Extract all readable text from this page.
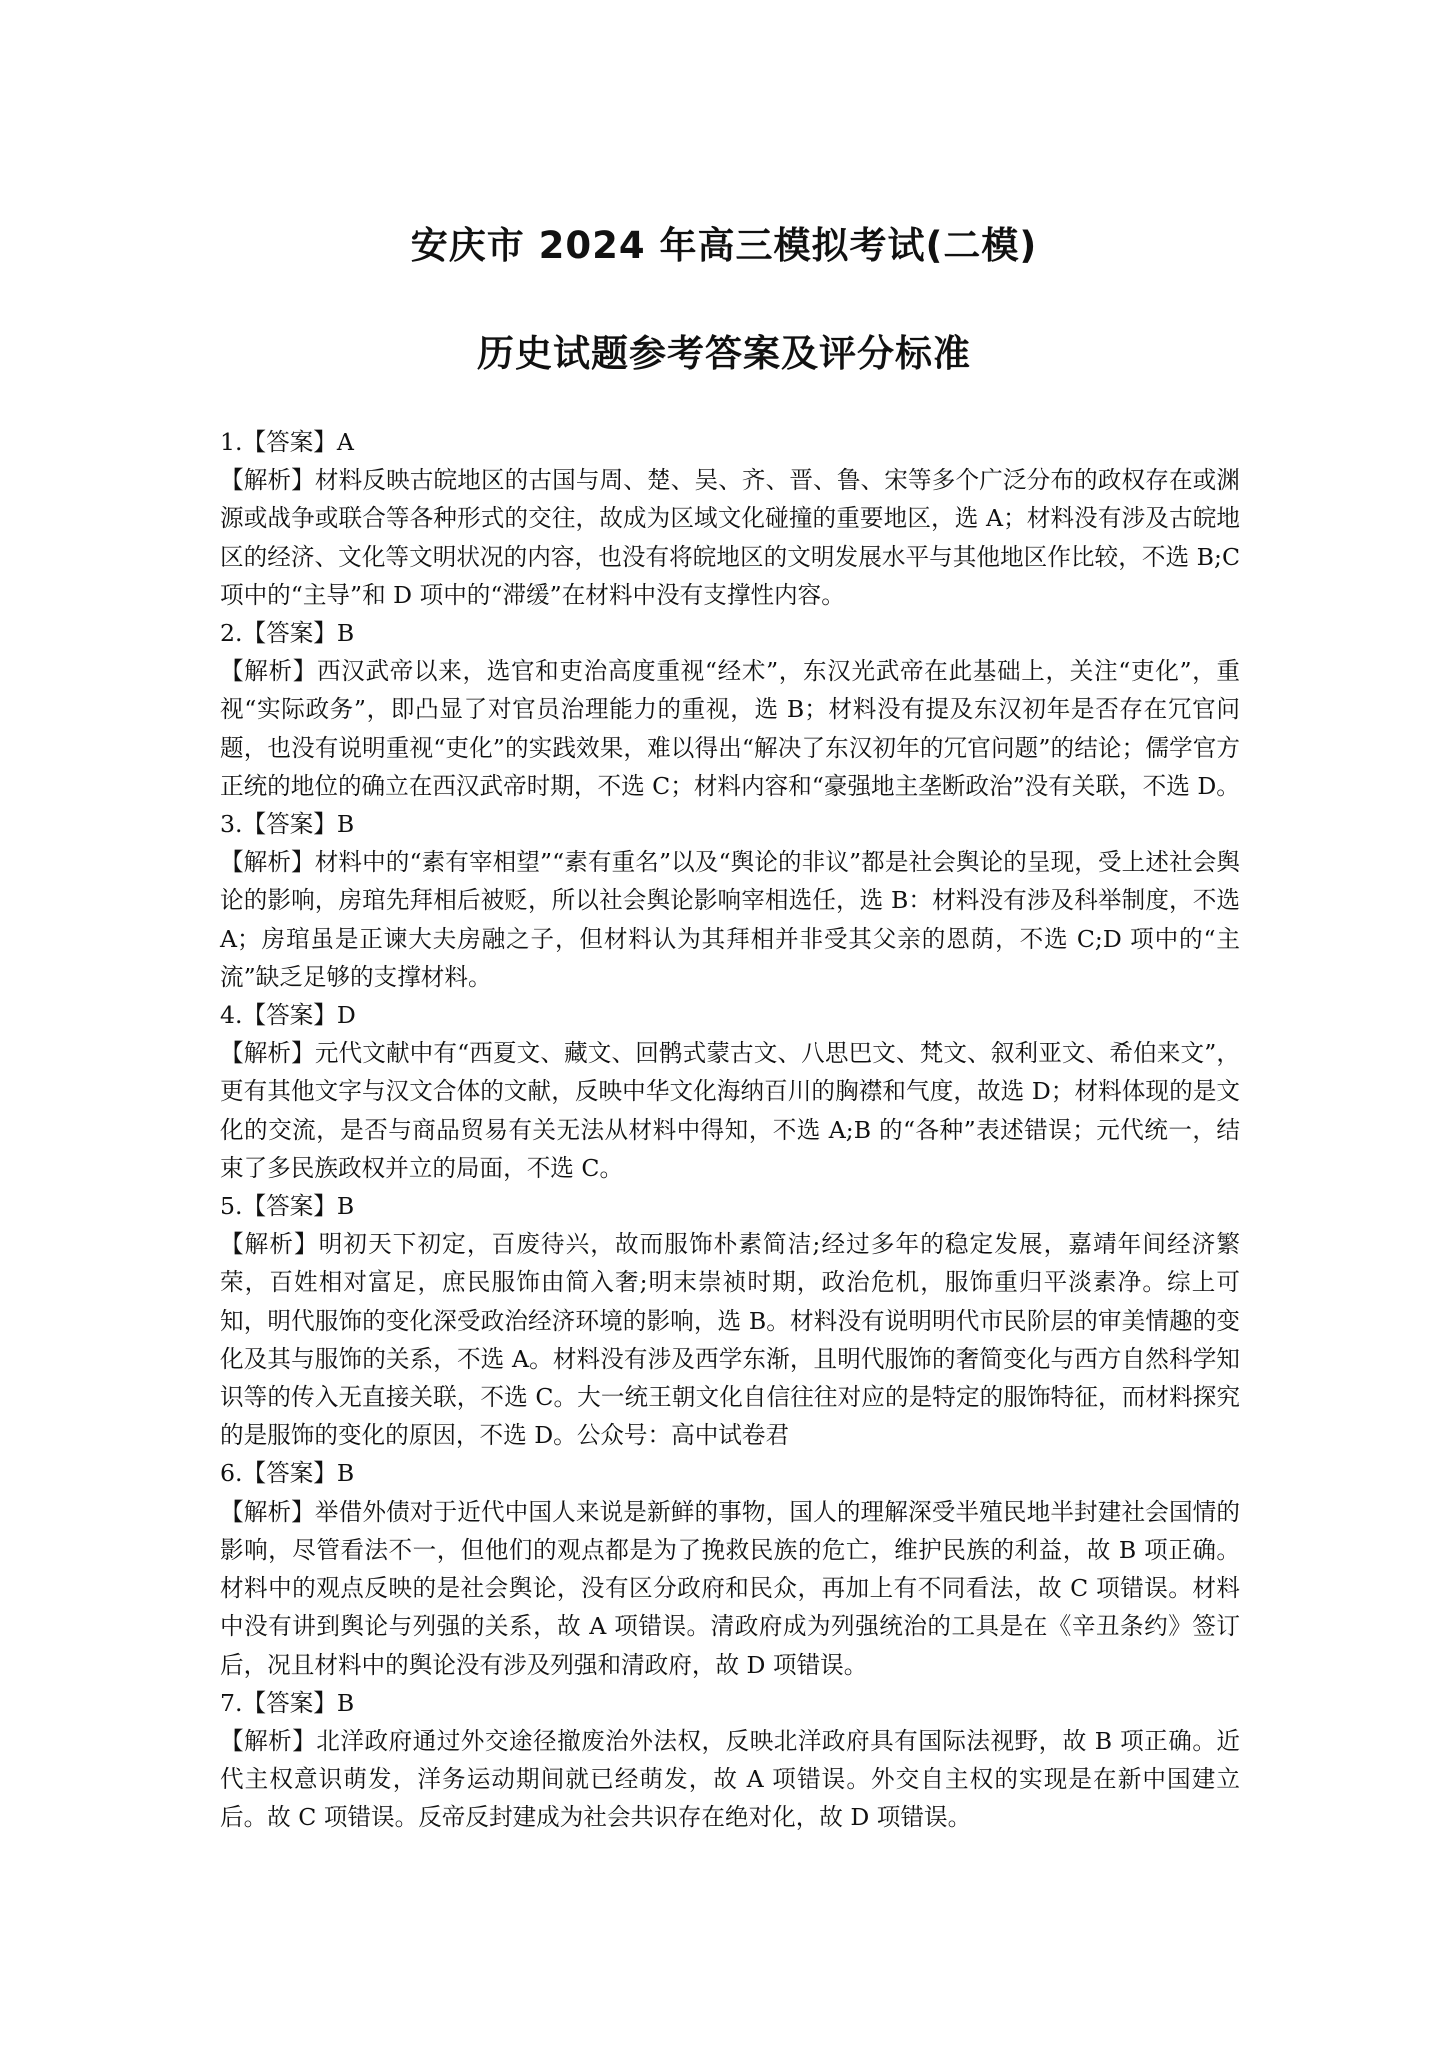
安庆市 2024 年高三模拟考试(二模)
历史试题参考答案及评分标准

1.【答案】A

【解析】材料反映古皖地区的古国与周、楚、吴、齐、晋、鲁、宋等多个广泛分布的政权存在或渊源或战争或联合等各种形式的交往，故成为区域文化碰撞的重要地区，选 A；材料没有涉及古皖地区的经济、文化等文明状况的内容，也没有将皖地区的文明发展水平与其他地区作比较，不选 B;C 项中的“主导”和 D 项中的“滞缓”在材料中没有支撑性内容。

2.【答案】B

【解析】西汉武帝以来，选官和吏治高度重视“经术”，东汉光武帝在此基础上，关注“吏化”，重视“实际政务”，即凸显了对官员治理能力的重视，选 B；材料没有提及东汉初年是否存在冗官问题，也没有说明重视“吏化”的实践效果，难以得出“解决了东汉初年的冗官问题”的结论；儒学官方正统的地位的确立在西汉武帝时期，不选 C；材料内容和“豪强地主垄断政治”没有关联，不选 D。

3.【答案】B

【解析】材料中的“素有宰相望”“素有重名”以及“舆论的非议”都是社会舆论的呈现，受上述社会舆论的影响，房琯先拜相后被贬，所以社会舆论影响宰相选任，选 B：材料没有涉及科举制度，不选 A；房琯虽是正谏大夫房融之子，但材料认为其拜相并非受其父亲的恩荫，不选 C;D 项中的“主流”缺乏足够的支撑材料。

4.【答案】D

【解析】元代文献中有“西夏文、藏文、回鹘式蒙古文、八思巴文、梵文、叙利亚文、希伯来文”，更有其他文字与汉文合体的文献，反映中华文化海纳百川的胸襟和气度，故选 D；材料体现的是文化的交流，是否与商品贸易有关无法从材料中得知，不选 A;B 的“各种”表述错误；元代统一，结束了多民族政权并立的局面，不选 C。

5.【答案】B

【解析】明初天下初定，百废待兴，故而服饰朴素简洁;经过多年的稳定发展，嘉靖年间经济繁荣，百姓相对富足，庶民服饰由简入奢;明末崇祯时期，政治危机，服饰重归平淡素净。综上可知，明代服饰的变化深受政治经济环境的影响，选 B。材料没有说明明代市民阶层的审美情趣的变化及其与服饰的关系，不选 A。材料没有涉及西学东渐，且明代服饰的奢简变化与西方自然科学知识等的传入无直接关联，不选 C。大一统王朝文化自信往往对应的是特定的服饰特征，而材料探究的是服饰的变化的原因，不选 D。公众号：高中试卷君

6.【答案】B

【解析】举借外债对于近代中国人来说是新鲜的事物，国人的理解深受半殖民地半封建社会国情的影响，尽管看法不一，但他们的观点都是为了挽救民族的危亡，维护民族的利益，故 B 项正确。材料中的观点反映的是社会舆论，没有区分政府和民众，再加上有不同看法，故 C 项错误。材料中没有讲到舆论与列强的关系，故 A 项错误。清政府成为列强统治的工具是在《辛丑条约》签订后，况且材料中的舆论没有涉及列强和清政府，故 D 项错误。

7.【答案】B

【解析】北洋政府通过外交途径撤废治外法权，反映北洋政府具有国际法视野，故 B 项正确。近代主权意识萌发，洋务运动期间就已经萌发，故 A 项错误。外交自主权的实现是在新中国建立后。故 C 项错误。反帝反封建成为社会共识存在绝对化，故 D 项错误。
